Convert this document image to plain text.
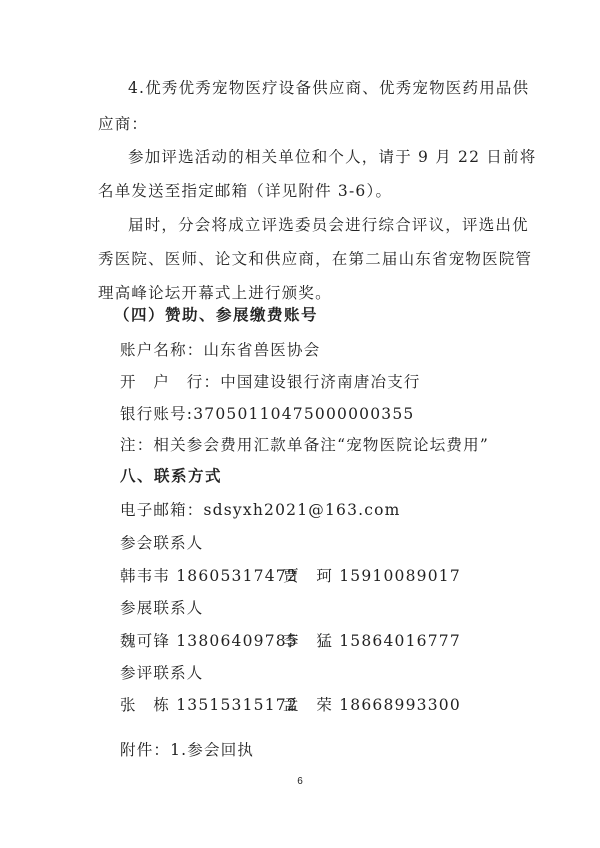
4.优秀优秀宠物医疗设备供应商、优秀宠物医药用品供
应商：
参加评选活动的相关单位和个人，请于 9 月 22 日前将
名单发送至指定邮箱（详见附件 3-6）。
届时，分会将成立评选委员会进行综合评议，评选出优
秀医院、医师、论文和供应商，在第二届山东省宠物医院管
理高峰论坛开幕式上进行颁奖。
（四）赞助、参展缴费账号
账户名称：山东省兽医协会
开　户　行：中国建设银行济南唐冶支行
银行账号:37050110475000000355
注：相关参会费用汇款单备注“宠物医院论坛费用”
八、联系方式
电子邮箱：sdsyxh2021@163.com
参会联系人
韩韦韦 18605317472
贾　珂 15910089017
参展联系人
魏可锋 13806409785
李　猛 15864016777
参评联系人
张　栋 13515315172
孟　荣 18668993300
附件：1.参会回执
6
